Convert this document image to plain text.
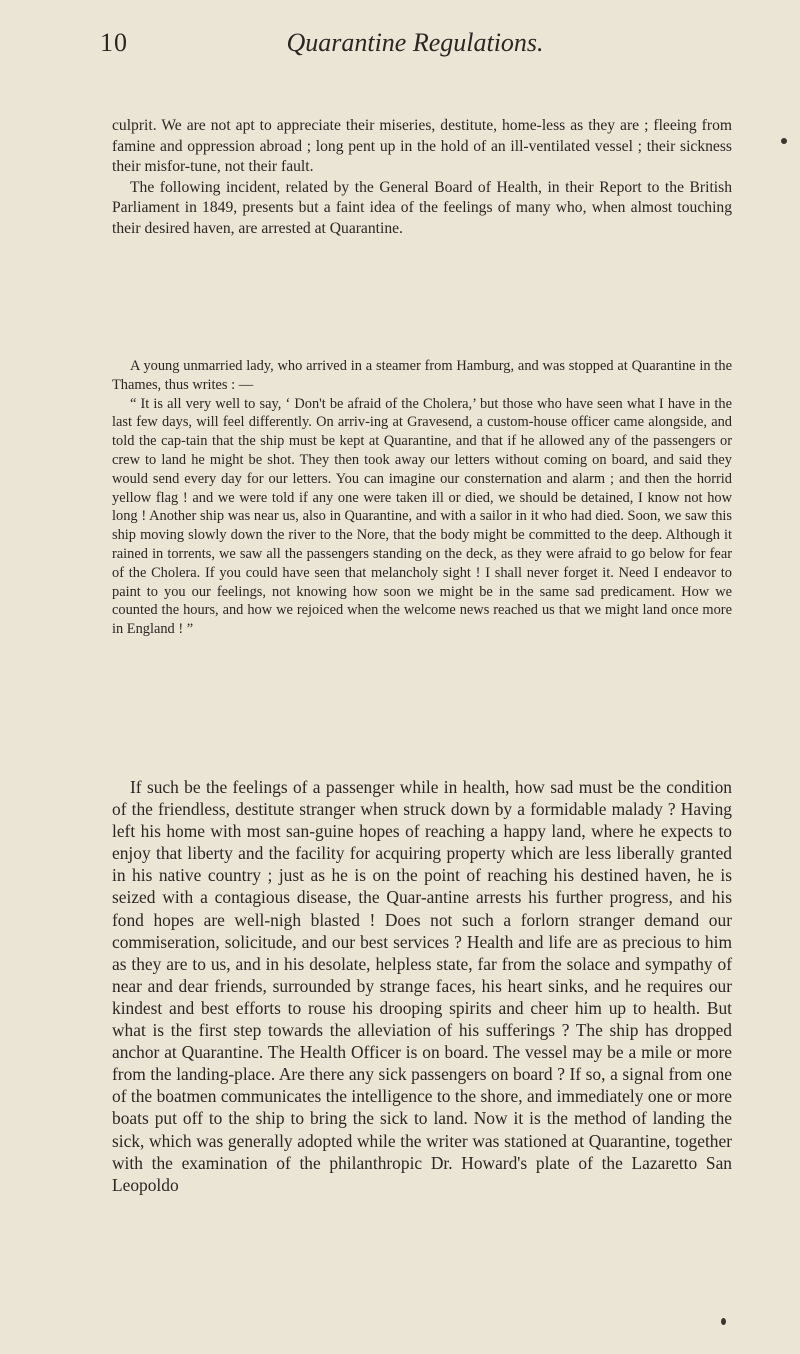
10	Quarantine Regulations.

culprit. We are not apt to appreciate their miseries, destitute, home-less as they are ; fleeing from famine and oppression abroad ; long pent up in the hold of an ill-ventilated vessel ; their sickness their misfor-tune, not their fault.

The following incident, related by the General Board of Health, in their Report to the British Parliament in 1849, presents but a faint idea of the feelings of many who, when almost touching their desired haven, are arrested at Quarantine.

A young unmarried lady, who arrived in a steamer from Hamburg, and was stopped at Quarantine in the Thames, thus writes : —

“ It is all very well to say, ‘ Don't be afraid of the Cholera,’ but those who have seen what I have in the last few days, will feel differently. On arriv-ing at Gravesend, a custom-house officer came alongside, and told the cap-tain that the ship must be kept at Quarantine, and that if he allowed any of the passengers or crew to land he might be shot. They then took away our letters without coming on board, and said they would send every day for our letters. You can imagine our consternation and alarm ; and then the horrid yellow flag ! and we were told if any one were taken ill or died, we should be detained, I know not how long ! Another ship was near us, also in Quarantine, and with a sailor in it who had died. Soon, we saw this ship moving slowly down the river to the Nore, that the body might be committed to the deep. Although it rained in torrents, we saw all the passengers standing on the deck, as they were afraid to go below for fear of the Cholera. If you could have seen that melancholy sight ! I shall never forget it. Need I endeavor to paint to you our feelings, not knowing how soon we might be in the same sad predicament. How we counted the hours, and how we rejoiced when the welcome news reached us that we might land once more in England ! ”

If such be the feelings of a passenger while in health, how sad must be the condition of the friendless, destitute stranger when struck down by a formidable malady ? Having left his home with most san-guine hopes of reaching a happy land, where he expects to enjoy that liberty and the facility for acquiring property which are less liberally granted in his native country ; just as he is on the point of reaching his destined haven, he is seized with a contagious disease, the Quar-antine arrests his further progress, and his fond hopes are well-nigh blasted ! Does not such a forlorn stranger demand our commiseration, solicitude, and our best services ? Health and life are as precious to him as they are to us, and in his desolate, helpless state, far from the solace and sympathy of near and dear friends, surrounded by strange faces, his heart sinks, and he requires our kindest and best efforts to rouse his drooping spirits and cheer him up to health. But what is the first step towards the alleviation of his sufferings ? The ship has dropped anchor at Quarantine. The Health Officer is on board. The vessel may be a mile or more from the landing-place. Are there any sick passengers on board ? If so, a signal from one of the boatmen communicates the intelligence to the shore, and immediately one or more boats put off to the ship to bring the sick to land. Now it is the method of landing the sick, which was generally adopted while the writer was stationed at Quarantine, together with the examination of the philanthropic Dr. Howard's plate of the Lazaretto San Leopoldo
